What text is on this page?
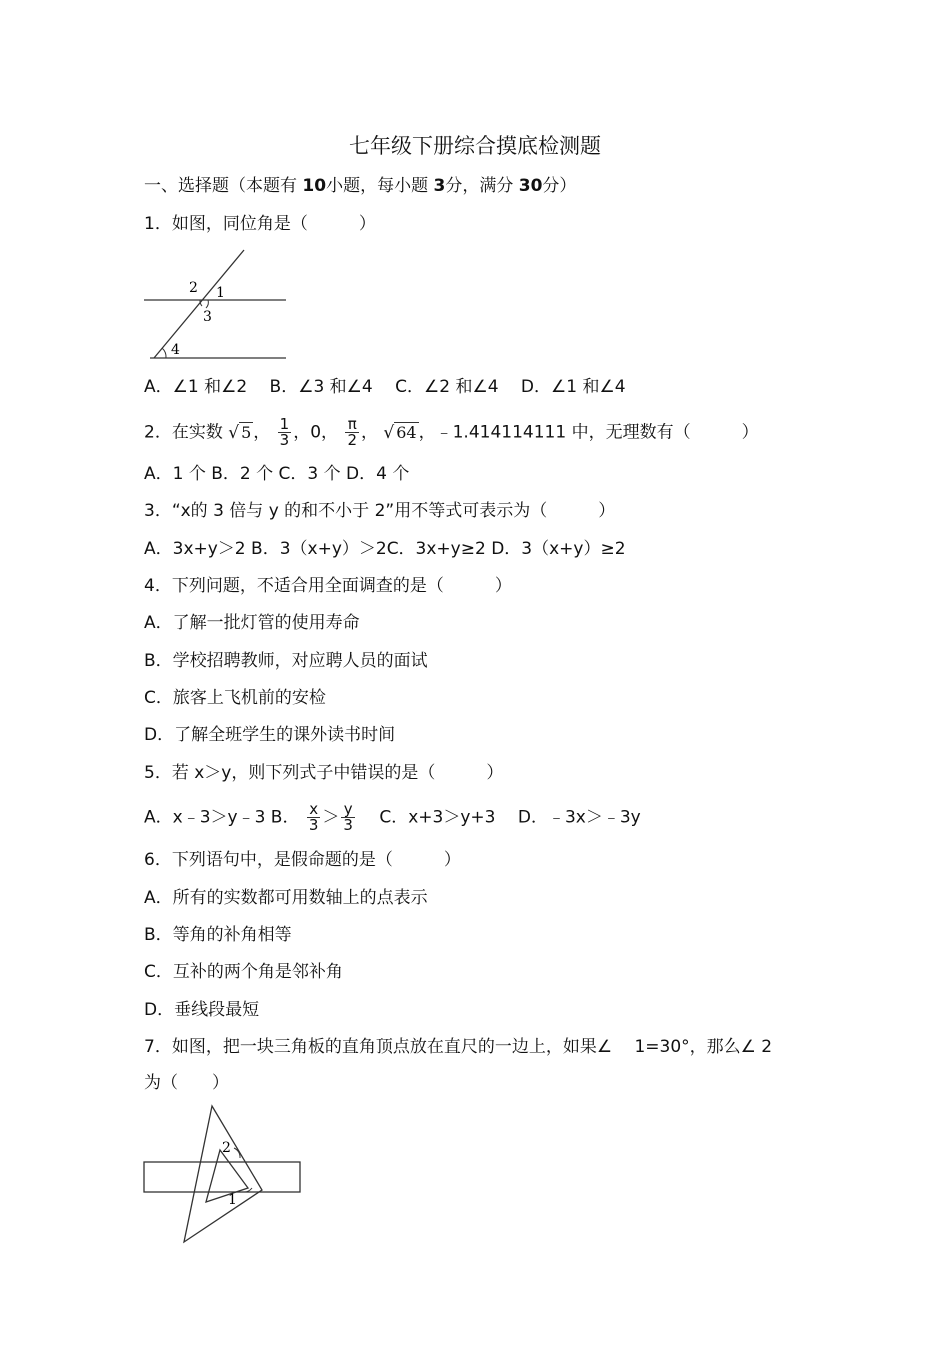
七年级下册综合摸底检测题
一、选择题（本题有 10小题，每小题 3分，满分 30分）
1．如图，同位角是（　　　）
2 1
3
4
A．∠1 和∠2　 B．∠3 和∠4　 C．∠2 和∠4　 D．∠1 和∠4
2．在实数 √ 5 ， $\frac{1}{3}$ ，0， $\frac{\pi}{2}$ ， √ 64 ，﹣1.414114111 中，无理数有（　　　）
A．1 个 B．2 个 C．3 个 D．4 个
3．“x的 3 倍与 y 的和不小于 2”用不等式可表示为（　　　）
A．3x+y＞2 B．3（x+y）＞2C．3x+y≥2 D．3（x+y）≥2
4．下列问题，不适合用全面调查的是（　　　）
A．了解一批灯管的使用寿命
B．学校招聘教师，对应聘人员的面试
C．旅客上飞机前的安检
D．了解全班学生的课外读书时间
5．若 x＞y，则下列式子中错误的是（　　　）
A．x﹣3＞y﹣3 B． $\frac{x}{3} > \frac{y}{3}$ 　C．x+3＞y+3　 D．﹣3x＞﹣3y
6．下列语句中，是假命题的是（　　　）
A．所有的实数都可用数轴上的点表示
B．等角的补角相等
C．互补的两个角是邻补角
D．垂线段最短
7．如图，把一块三角板的直角顶点放在直尺的一边上，如果∠　 1=30°，那么∠ 2
为（　　）
2
1
